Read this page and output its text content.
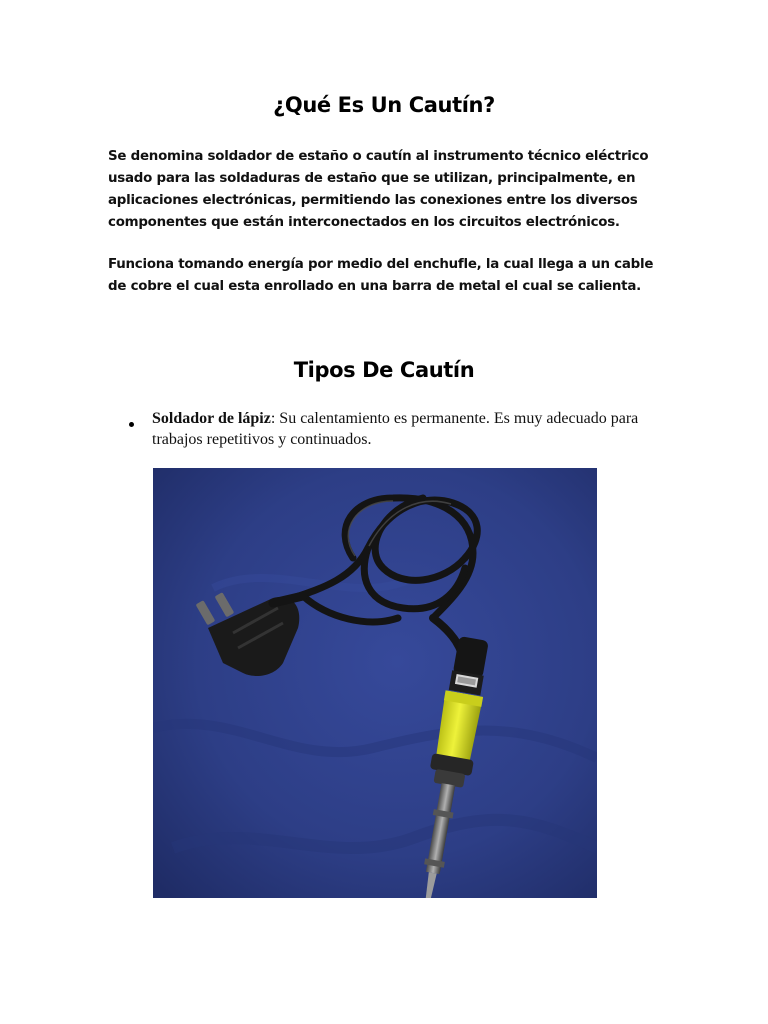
¿Qué Es Un Cautín?

Se denomina soldador de estaño o cautín al instrumento técnico eléctrico usado para las soldaduras de estaño que se utilizan, principalmente, en aplicaciones electrónicas, permitiendo las conexiones entre los diversos componentes que están interconectados en los circuitos electrónicos.

Funciona tomando energía por medio del enchufle, la cual llega a un cable de cobre el cual esta enrollado en una barra de metal el cual se calienta.

Tipos De Cautín
Soldador de lápiz: Su calentamiento es permanente. Es muy adecuado para trabajos repetitivos y continuados.
